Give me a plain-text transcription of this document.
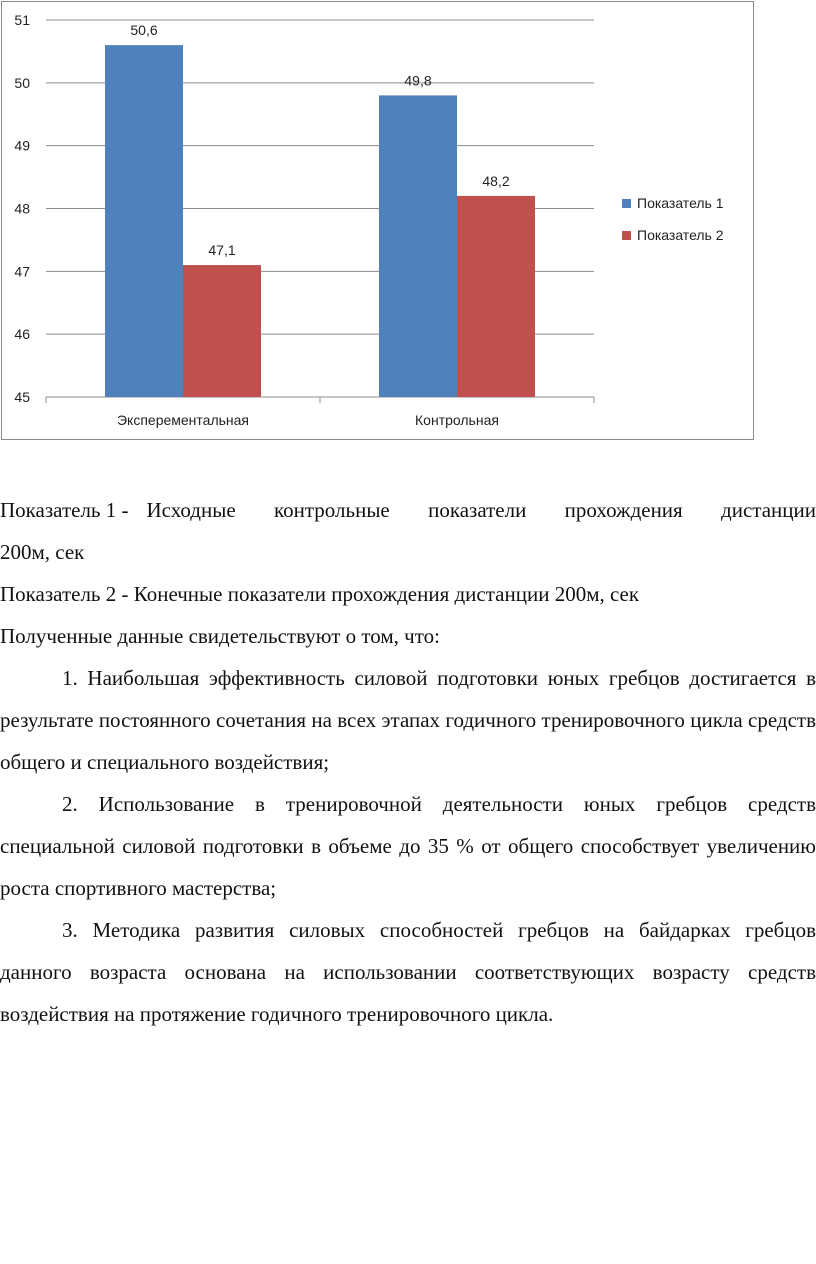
50,6
47,1
49,8
48,2
45
46
47
48
49
50
51
Эксперементальная	Контрольная
Показатель 1
Показатель 2
Показатель 1 - Исходные контрольные показатели прохождения дистанции
200м, сек

Показатель 2 - Конечные показатели прохождения дистанции 200м, сек

Полученные данные свидетельствуют о том, что:

1. Наибольшая эффективность силовой подготовки юных гребцов достигается в результате постоянного сочетания на всех этапах годичного тренировочного цикла средств общего и специального воздействия;

2. Использование в тренировочной деятельности юных гребцов средств специальной силовой подготовки в объеме до 35 % от общего способствует увеличению роста спортивного мастерства;

3. Методика развития силовых способностей гребцов на байдарках гребцов данного возраста основана на использовании соответствующих возрасту средств воздействия на протяжение годичного тренировочного цикла.
